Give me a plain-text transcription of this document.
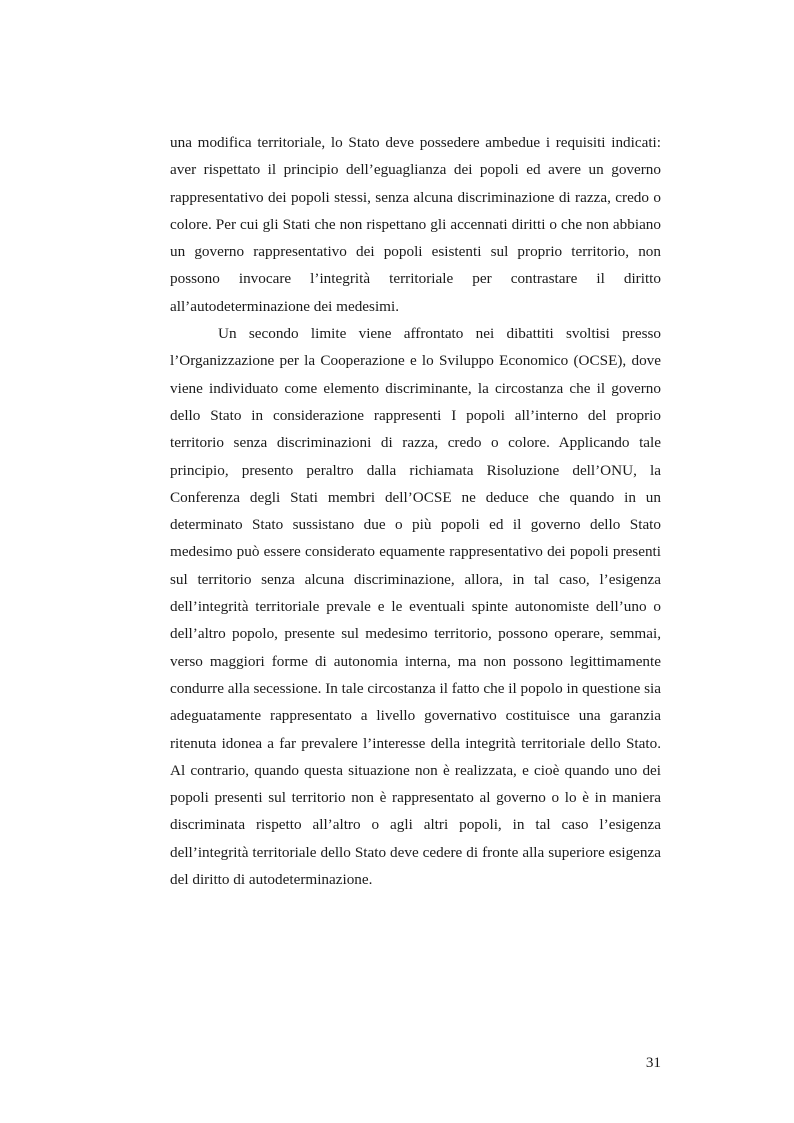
una modifica territoriale, lo Stato deve possedere ambedue i requisiti indicati: aver rispettato il principio dell’eguaglianza dei popoli ed avere un governo rappresentativo dei popoli stessi, senza alcuna discriminazione di razza, credo o colore. Per cui gli Stati che non rispettano gli accennati diritti o che non abbiano un governo rappresentativo dei popoli esistenti sul proprio territorio, non possono invocare l’integrità territoriale per contrastare il diritto all’autodeterminazione dei medesimi.

Un secondo limite viene affrontato nei dibattiti svoltisi presso l’Organizzazione per la Cooperazione e lo Sviluppo Economico (OCSE), dove viene individuato come elemento discriminante, la circostanza che il governo dello Stato in considerazione rappresenti I popoli all’interno del proprio territorio senza discriminazioni di razza, credo o colore. Applicando tale principio, presento peraltro dalla richiamata Risoluzione dell’ONU, la Conferenza degli Stati membri dell’OCSE ne deduce che quando in un determinato Stato sussistano due o più popoli ed il governo dello Stato medesimo può essere considerato equamente rappresentativo dei popoli presenti sul territorio senza alcuna discriminazione, allora, in tal caso, l’esigenza dell’integrità territoriale prevale e le eventuali spinte autonomiste dell’uno o dell’altro popolo, presente sul medesimo territorio, possono operare, semmai, verso maggiori forme di autonomia interna, ma non possono legittimamente condurre alla secessione. In tale circostanza il fatto che il popolo in questione sia adeguatamente rappresentato a livello governativo costituisce una garanzia ritenuta idonea a far prevalere l’interesse della integrità territoriale dello Stato. Al contrario, quando questa situazione non è realizzata, e cioè quando uno dei popoli presenti sul territorio non è rappresentato al governo o lo è in maniera discriminata rispetto all’altro o agli altri popoli, in tal caso l’esigenza dell’integrità territoriale dello Stato deve cedere di fronte alla superiore esigenza del diritto di autodeterminazione.

31
